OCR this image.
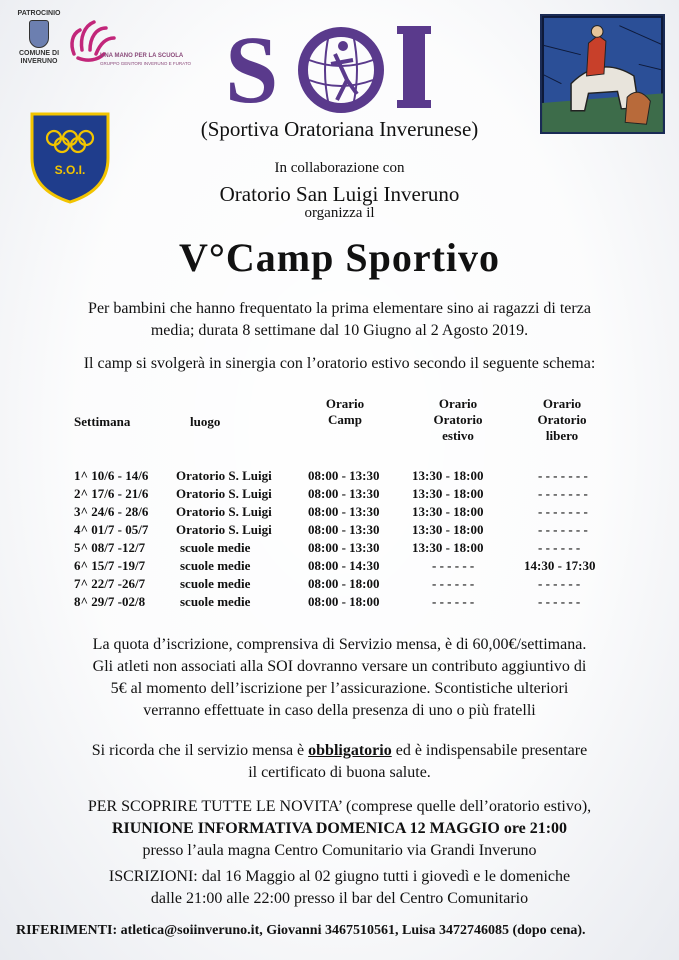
PATROCINIO
COMUNE DI INVERUNO
UNA MANO PER LA SCUOLA
GRUPPO GENITORI INVERUNO E FURATO S
S.O.I.
(Sportiva Oratoriana Inverunese)
In collaborazione con
Oratorio San Luigi Inveruno
organizza il
V°Camp Sportivo
Per bambini che hanno frequentato la prima elementare sino ai ragazzi di terza
media; durata 8 settimane dal 10 Giugno al 2 Agosto 2019.
Il camp si svolgerà in sinergia con l’oratorio estivo secondo il seguente schema:
Settimana	luogo
Orario
Camp
Orario
Oratorio
estivo
Orario
Oratorio
libero
1^ 10/6 - 14/6 Oratorio S. Luigi	08:00 - 13:30	13:30 - 18:00	- - - - - - -
2^ 17/6 - 21/6 Oratorio S. Luigi	08:00 - 13:30	13:30 - 18:00	- - - - - - -
3^ 24/6 - 28/6 Oratorio S. Luigi	08:00 - 13:30	13:30 - 18:00	- - - - - - -
4^ 01/7 - 05/7 Oratorio S. Luigi	08:00 - 13:30	13:30 - 18:00	- - - - - - -
5^ 08/7 -12/7	scuole medie	08:00 - 13:30	13:30 - 18:00	- - - - - -
6^ 15/7 -19/7	scuole medie	08:00 - 14:30	- - - - - -	14:30 - 17:30
7^ 22/7 -26/7	scuole medie	08:00 - 18:00	- - - - - -	- - - - - -
8^ 29/7 -02/8	scuole medie	08:00 - 18:00	- - - - - -	- - - - - -
La quota d’iscrizione, comprensiva di Servizio mensa, è di 60,00€/settimana.
Gli atleti non associati alla SOI dovranno versare un contributo aggiuntivo di
5€ al momento dell’iscrizione per l’assicurazione. Scontistiche ulteriori
verranno effettuate in caso della presenza di uno o più fratelli
Si ricorda che il servizio mensa è obbligatorio ed è indispensabile presentare
il certificato di buona salute.
PER SCOPRIRE TUTTE LE NOVITA’ (comprese quelle dell’oratorio estivo),
RIUNIONE INFORMATIVA DOMENICA 12 MAGGIO ore 21:00
presso l’aula magna Centro Comunitario via Grandi Inveruno
ISCRIZIONI: dal 16 Maggio al 02 giugno tutti i giovedì e le domeniche
dalle 21:00 alle 22:00 presso il bar del Centro Comunitario
RIFERIMENTI: atletica@soiinveruno.it, Giovanni 3467510561, Luisa 3472746085 (dopo cena).
